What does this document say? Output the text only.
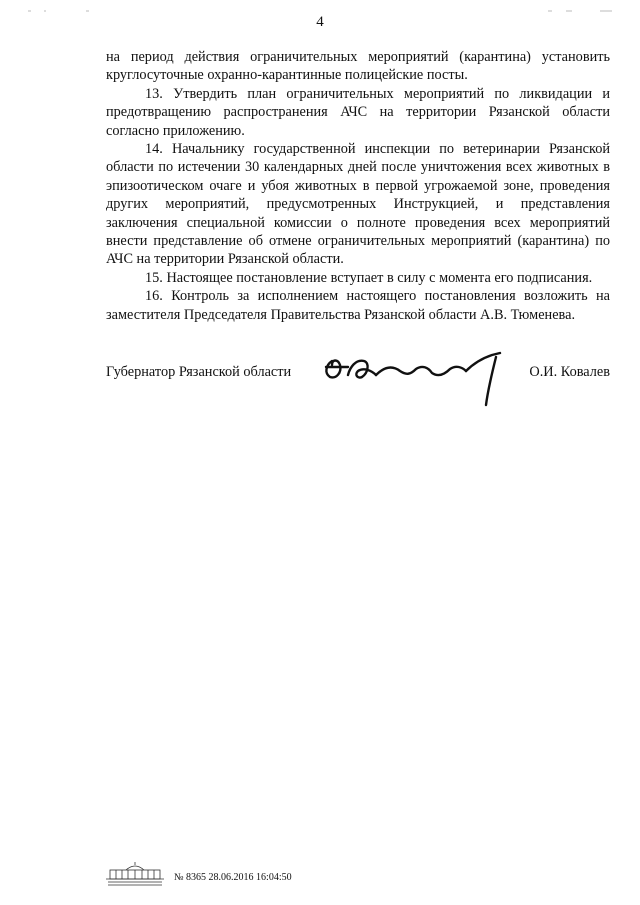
4

на период действия ограничительных мероприятий (карантина) установить круглосуточные охранно-карантинные полицейские посты.

13. Утвердить план ограничительных мероприятий по ликвидации и предотвращению распространения АЧС на территории Рязанской области согласно приложению.

14. Начальнику государственной инспекции по ветеринарии Рязанской области по истечении 30 календарных дней после уничтожения всех животных в эпизоотическом очаге и убоя животных в первой угрожаемой зоне, проведения других мероприятий, предусмотренных Инструкцией, и представления заключения специальной комиссии о полноте проведения всех мероприятий внести представление об отмене ограничительных мероприятий (карантина) по АЧС на территории Рязанской области.

15. Настоящее постановление вступает в силу с момента его подписания.

16. Контроль за исполнением настоящего постановления возложить на заместителя Председателя Правительства Рязанской области А.В. Тюменева.

Губернатор Рязанской области	О.И. Ковалев
№ 8365 28.06.2016 16:04:50
